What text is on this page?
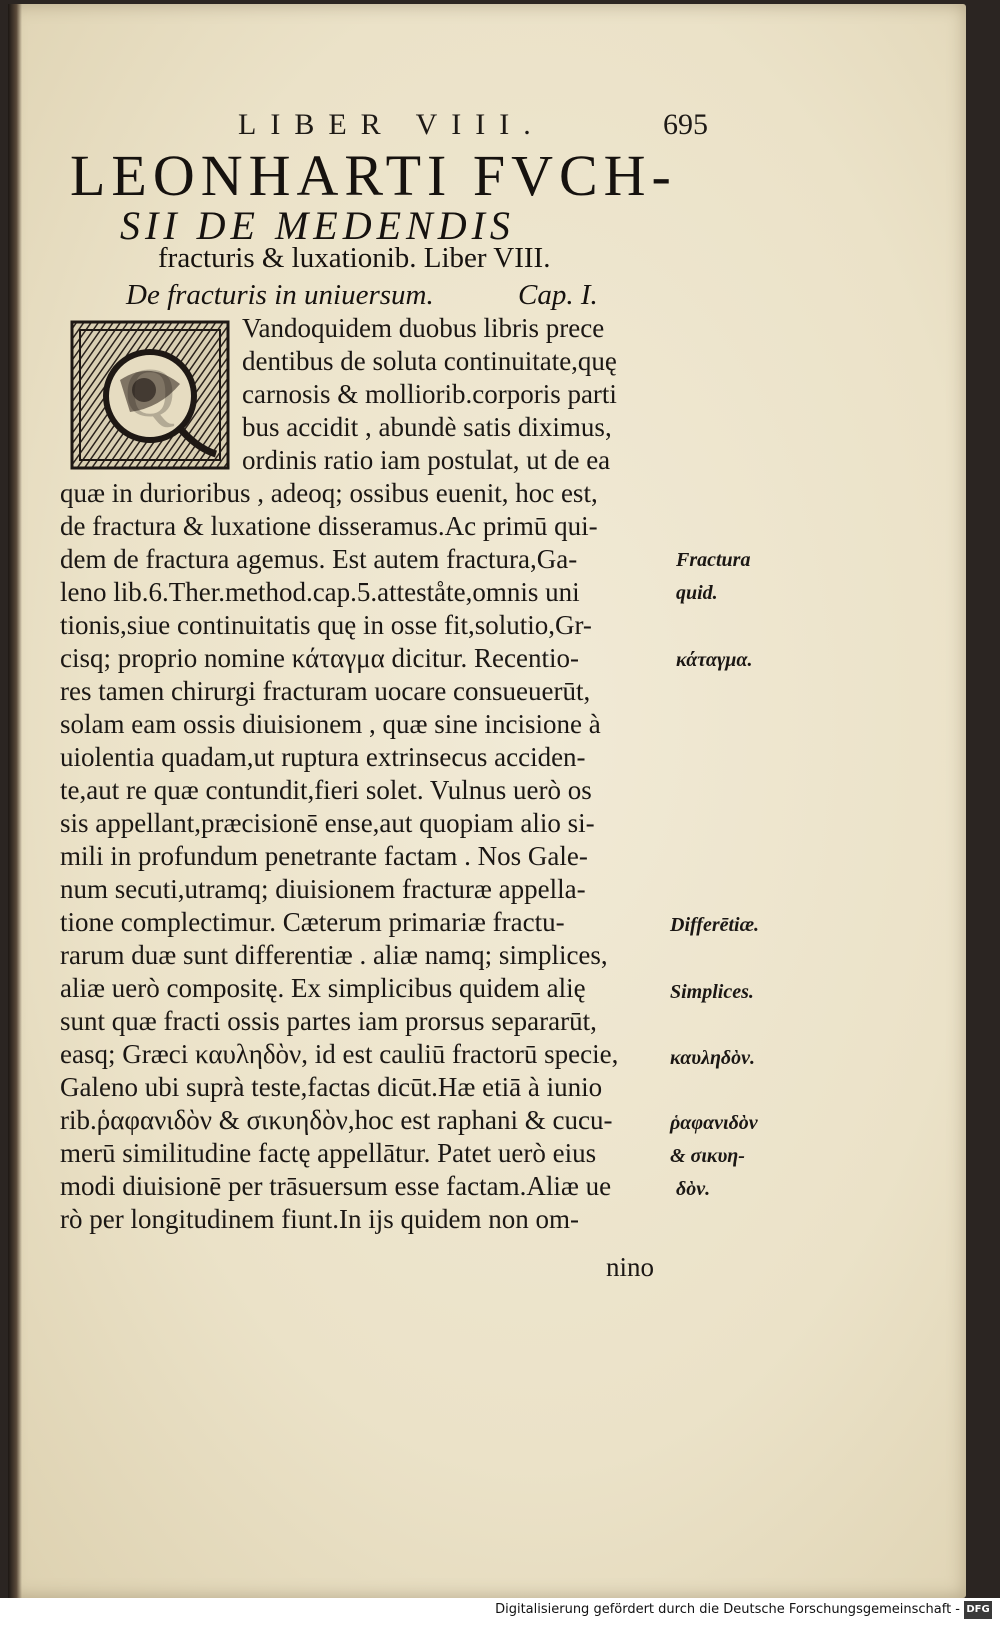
LIBER VIII.	695
LEONHARTI FVCH-
SII DE MEDENDIS
fracturis & luxationib. Liber VIII.
De fracturis in uniuersum.	Cap. I.
Q
Vandoquidem duobus libris prece
dentibus de soluta continuitate,quę
carnosis & molliorib.corporis parti
bus accidit , abundè satis diximus,
ordinis ratio iam postulat, ut de ea
quæ in durioribus , adeoq; ossibus euenit, hoc est,
de fractura & luxatione disseramus.Ac primū qui-
dem de fractura agemus. Est autem fractura,Ga-
leno lib.6.Ther.method.cap.5.atteståte,omnis uni
tionis,siue continuitatis quę in osse fit,solutio,Gr-
cisq; proprio nomine κάταγμα dicitur. Recentio-
res tamen chirurgi fracturam uocare consueuerūt,
solam eam ossis diuisionem , quæ sine incisione à
uiolentia quadam,ut ruptura extrinsecus acciden-
te,aut re quæ contundit,fieri solet. Vulnus uerò os
sis appellant,præcisionē ense,aut quopiam alio si-
mili in profundum penetrante factam . Nos Gale-
num secuti,utramq; diuisionem fracturæ appella-
tione complectimur. Cæterum primariæ fractu-
rarum duæ sunt differentiæ . aliæ namq; simplices,
aliæ uerò compositę. Ex simplicibus quidem alię
sunt quæ fracti ossis partes iam prorsus separarūt,
easq; Græci καυληδὸν, id est cauliū fractorū specie,
Galeno ubi suprà teste,factas dicūt.Hæ etiā à iunio
rib.ῥαφανιδὸν & σικυηδὸν,hoc est raphani & cucu-
merū similitudine factę appellātur. Patet uerò eius
modi diuisionē per trāsuersum esse factam.Aliæ ue
rò per longitudinem fiunt.In ijs quidem non om-
nino
Fractura
quid.
κάταγμα.
Differētiæ.
Simplices.
καυληδὸν.
ῥαφανιδὸν
& σικυη-
δὸν.
Digitalisierung gefördert durch die Deutsche Forschungsgemeinschaft - DFG
